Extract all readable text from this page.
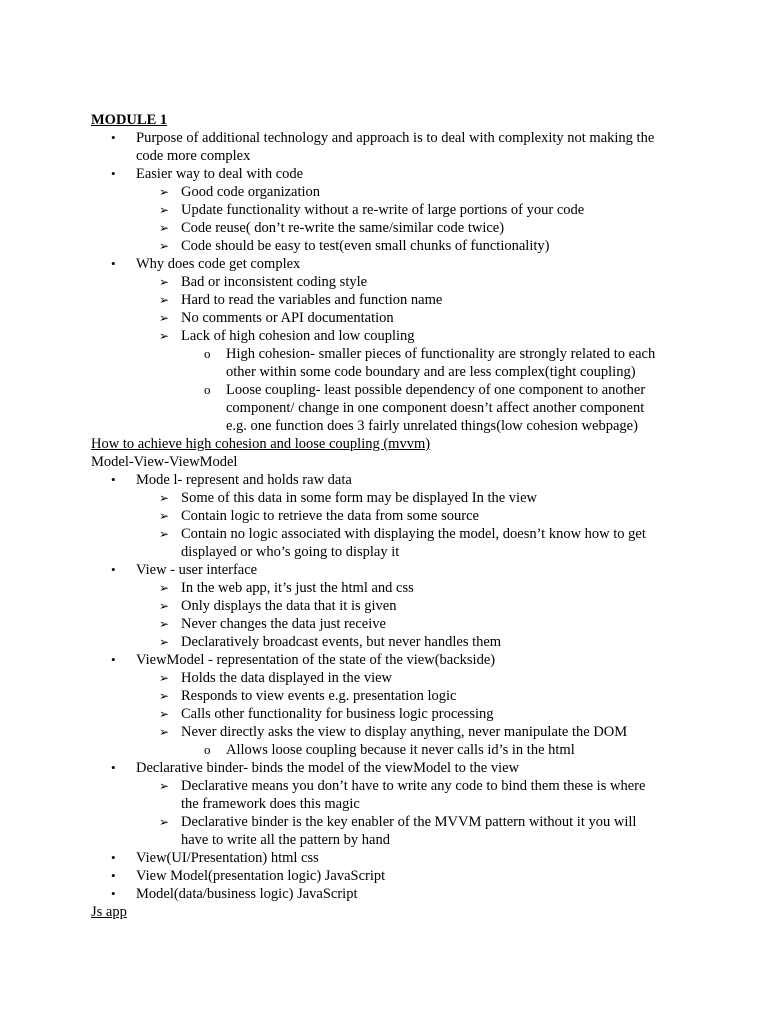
MODULE 1
• Purpose of additional technology and approach is to deal with complexity not making the
code more complex
• Easier way to deal with code
➢ Good code organization
➢ Update functionality without a re-write of large portions of your code
➢ Code reuse( don’t re-write the same/similar code twice)
➢ Code should be easy to test(even small chunks of functionality)
• Why does code get complex
➢ Bad or inconsistent coding style
➢ Hard to read the variables and function name
➢ No comments or API documentation
➢ Lack of high cohesion and low coupling
o High cohesion- smaller pieces of functionality are strongly related to each
other within some code boundary and are less complex(tight coupling)
o Loose coupling- least possible dependency of one component to another
component/ change in one component doesn’t affect another component
e.g. one function does 3 fairly unrelated things(low cohesion webpage)
How to achieve high cohesion and loose coupling (mvvm)
Model-View-ViewModel
• Mode l- represent and holds raw data
➢ Some of this data in some form may be displayed In the view
➢ Contain logic to retrieve the data from some source
➢ Contain no logic associated with displaying the model, doesn’t know how to get
displayed or who’s going to display it
• View - user interface
➢ In the web app, it’s just the html and css
➢ Only displays the data that it is given
➢ Never changes the data just receive
➢ Declaratively broadcast events, but never handles them
• ViewModel - representation of the state of the view(backside)
➢ Holds the data displayed in the view
➢ Responds to view events e.g. presentation logic
➢ Calls other functionality for business logic processing
➢ Never directly asks the view to display anything, never manipulate the DOM
o Allows loose coupling because it never calls id’s in the html
• Declarative binder- binds the model of the viewModel to the view
➢ Declarative means you don’t have to write any code to bind them these is where
the framework does this magic
➢ Declarative binder is the key enabler of the MVVM pattern without it you will
have to write all the pattern by hand
• View(UI/Presentation) html css
• View Model(presentation logic) JavaScript
• Model(data/business logic) JavaScript
Js app
